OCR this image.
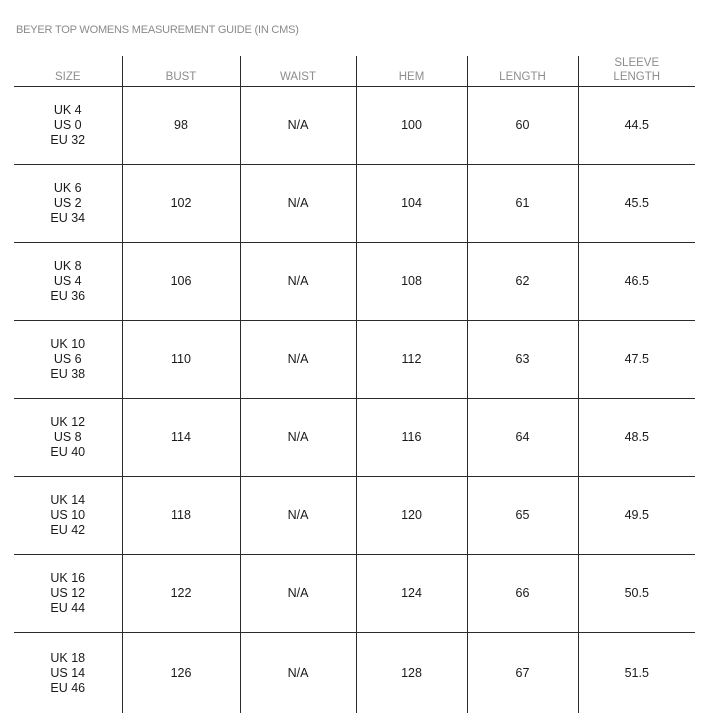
BEYER TOP WOMENS MEASUREMENT GUIDE (IN CMS)
SIZE	BUST	WAIST	HEM	LENGTH	SLEEVE
LENGTH

UK 4
US 0
EU 32	98	N/A	100	60	44.5

UK 6
US 2
EU 34	102	N/A	104	61	45.5

UK 8
US 4
EU 36	106	N/A	108	62	46.5

UK 10
US 6
EU 38	110	N/A	112	63	47.5

UK 12
US 8
EU 40	114	N/A	116	64	48.5

UK 14
US 10
EU 42	118	N/A	120	65	49.5

UK 16
US 12
EU 44	122	N/A	124	66	50.5

UK 18
US 14
EU 46	126	N/A	128	67	51.5
